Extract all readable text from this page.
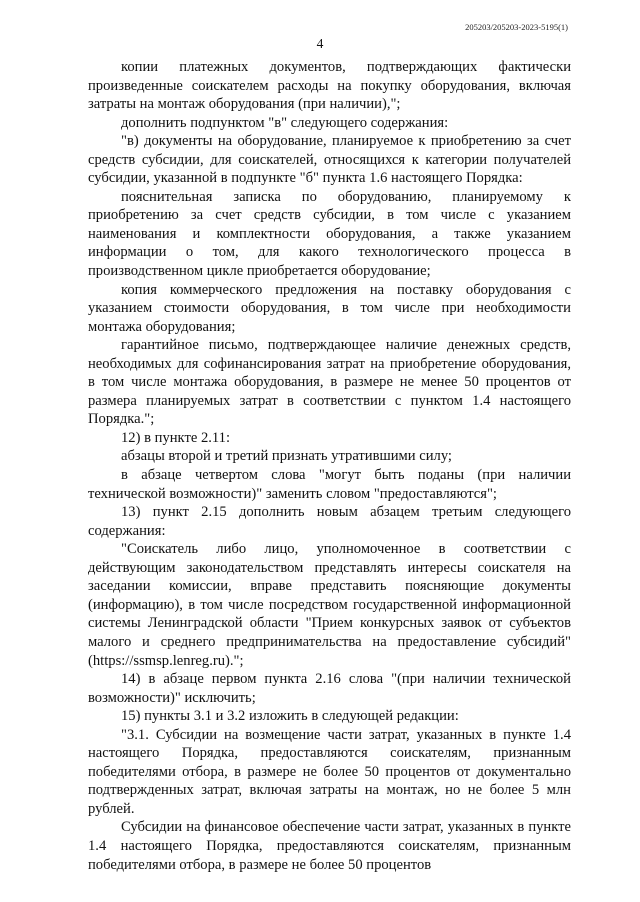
205203/205203-2023-5195(1)
4

копии платежных документов, подтверждающих фактически произведенные соискателем расходы на покупку оборудования, включая затраты на монтаж оборудования (при наличии),";

дополнить подпунктом "в" следующего содержания:

"в) документы на оборудование, планируемое к приобретению за счет средств субсидии, для соискателей, относящихся к категории получателей субсидии, указанной в подпункте "б" пункта 1.6 настоящего Порядка:

пояснительная записка по оборудованию, планируемому к приобретению за счет средств субсидии, в том числе с указанием наименования и комплектности оборудования, а также указанием информации о том, для какого технологического процесса в производственном цикле приобретается оборудование;

копия коммерческого предложения на поставку оборудования с указанием стоимости оборудования, в том числе при необходимости монтажа оборудования;

гарантийное письмо, подтверждающее наличие денежных средств, необходимых для софинансирования затрат на приобретение оборудования, в том числе монтажа оборудования, в размере не менее 50 процентов от размера планируемых затрат в соответствии с пунктом 1.4 настоящего Порядка.";

12) в пункте 2.11:

абзацы второй и третий признать утратившими силу;

в абзаце четвертом слова "могут быть поданы (при наличии технической возможности)" заменить словом "предоставляются";

13) пункт 2.15 дополнить новым абзацем третьим следующего содержания:

"Соискатель либо лицо, уполномоченное в соответствии с действующим законодательством представлять интересы соискателя на заседании комиссии, вправе представить поясняющие документы (информацию), в том числе посредством государственной информационной системы Ленинградской области "Прием конкурсных заявок от субъектов малого и среднего предпринимательства на предоставление субсидий" (https://ssmsp.lenreg.ru).";

14) в абзаце первом пункта 2.16 слова "(при наличии технической возможности)" исключить;

15) пункты 3.1 и 3.2 изложить в следующей редакции:

"3.1. Субсидии на возмещение части затрат, указанных в пункте 1.4 настоящего Порядка, предоставляются соискателям, признанным победителями отбора, в размере не более 50 процентов от документально подтвержденных затрат, включая затраты на монтаж, но не более 5 млн рублей.

Субсидии на финансовое обеспечение части затрат, указанных в пункте 1.4 настоящего Порядка, предоставляются соискателям, признанным победителями отбора, в размере не более 50 процентов
